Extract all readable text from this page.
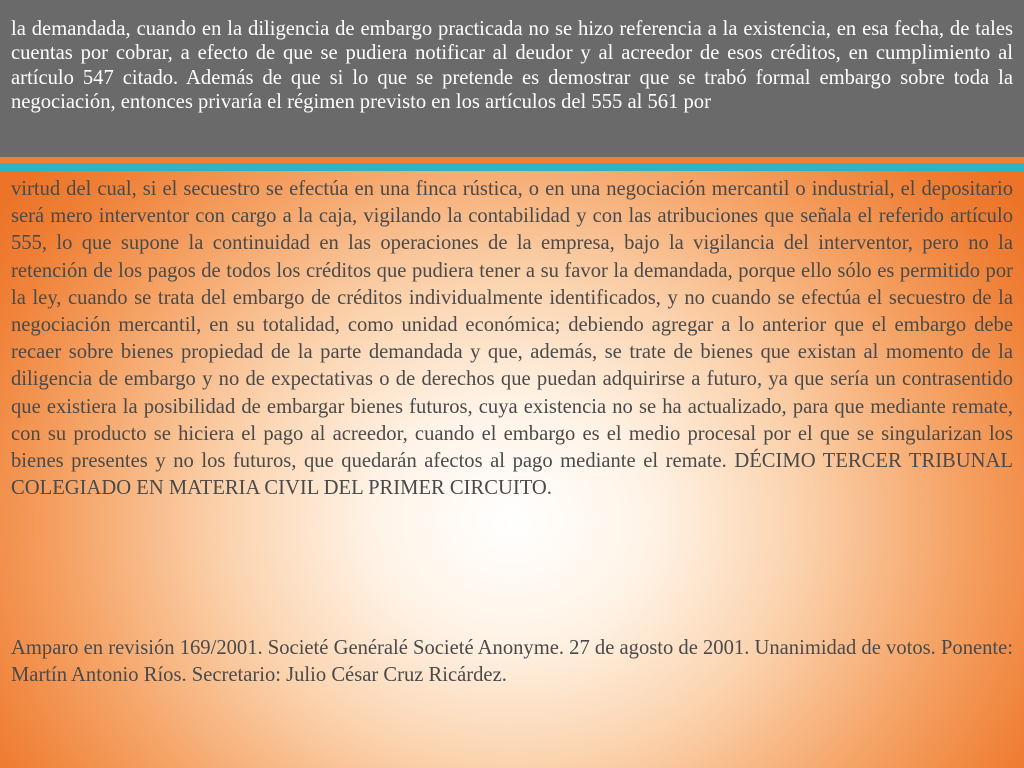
la demandada, cuando en la diligencia de embargo practicada no se hizo referencia a la existencia, en esa fecha, de tales cuentas por cobrar, a efecto de que se pudiera notificar al deudor y al acreedor de esos créditos, en cumplimiento al artículo 547 citado. Además de que si lo que se pretende es demostrar que se trabó formal embargo sobre toda la negociación, entonces privaría el régimen previsto en los artículos del 555 al 561 por

virtud del cual, si el secuestro se efectúa en una finca rústica, o en una negociación mercantil o industrial, el depositario será mero interventor con cargo a la caja, vigilando la contabilidad y con las atribuciones que señala el referido artículo 555, lo que supone la continuidad en las operaciones de la empresa, bajo la vigilancia del interventor, pero no la retención de los pagos de todos los créditos que pudiera tener a su favor la demandada, porque ello sólo es permitido por la ley, cuando se trata del embargo de créditos individualmente identificados, y no cuando se efectúa el secuestro de la negociación mercantil, en su totalidad, como unidad económica; debiendo agregar a lo anterior que el embargo debe recaer sobre bienes propiedad de la parte demandada y que, además, se trate de bienes que existan al momento de la diligencia de embargo y no de expectativas o de derechos que puedan adquirirse a futuro, ya que sería un contrasentido que existiera la posibilidad de embargar bienes futuros, cuya existencia no se ha actualizado, para que mediante remate, con su producto se hiciera el pago al acreedor, cuando el embargo es el medio procesal por el que se singularizan los bienes presentes y no los futuros, que quedarán afectos al pago mediante el remate. DÉCIMO TERCER TRIBUNAL COLEGIADO EN MATERIA CIVIL DEL PRIMER CIRCUITO.

Amparo en revisión 169/2001. Societé Genéralé Societé Anonyme. 27 de agosto de 2001. Unanimidad de votos. Ponente: Martín Antonio Ríos. Secretario: Julio César Cruz Ricárdez.
